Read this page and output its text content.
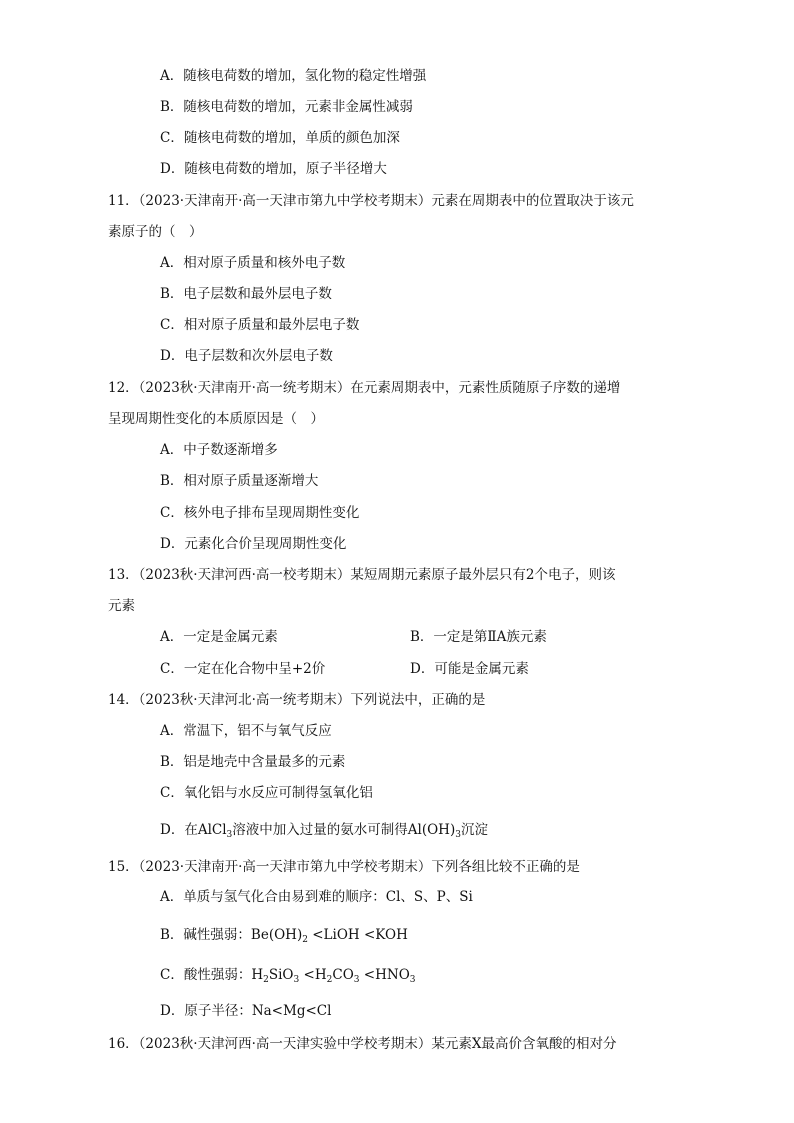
A．随核电荷数的增加，氢化物的稳定性增强
B．随核电荷数的增加，元素非金属性减弱
C．随核电荷数的增加，单质的颜色加深
D．随核电荷数的增加，原子半径增大
11．（2023·天津南开·高一天津市第九中学校考期末）元素在周期表中的位置取决于该元
素原子的（　）
A．相对原子质量和核外电子数
B．电子层数和最外层电子数
C．相对原子质量和最外层电子数
D．电子层数和次外层电子数
12．（2023秋·天津南开·高一统考期末）在元素周期表中，元素性质随原子序数的递增
呈现周期性变化的本质原因是（　）
A．中子数逐渐增多
B．相对原子质量逐渐增大
C．核外电子排布呈现周期性变化
D．元素化合价呈现周期性变化
13．（2023秋·天津河西·高一校考期末）某短周期元素原子最外层只有2个电子，则该
元素
A．一定是金属元素	B．一定是第ⅡA族元素
C．一定在化合物中呈+2价	D．可能是金属元素
14．（2023秋·天津河北·高一统考期末）下列说法中，正确的是
A．常温下，铝不与氧气反应
B．铝是地壳中含量最多的元素
C．氧化铝与水反应可制得氢氧化铝
D．在AlCl$_3$溶液中加入过量的氨水可制得$Al(OH)_3$沉淀
15．（2023·天津南开·高一天津市第九中学校考期末）下列各组比较不正确的是
A．单质与氢气化合由易到难的顺序：Cl、S、P、Si
B．碱性强弱：$Be(OH)_2$ <LiOH <KOH
C．酸性强弱：$H_2SiO_3 <H_2CO_3 <HNO_3$
D．原子半径：Na<Mg<Cl
16．（2023秋·天津河西·高一天津实验中学校考期末）某元素X最高价含氧酸的相对分
